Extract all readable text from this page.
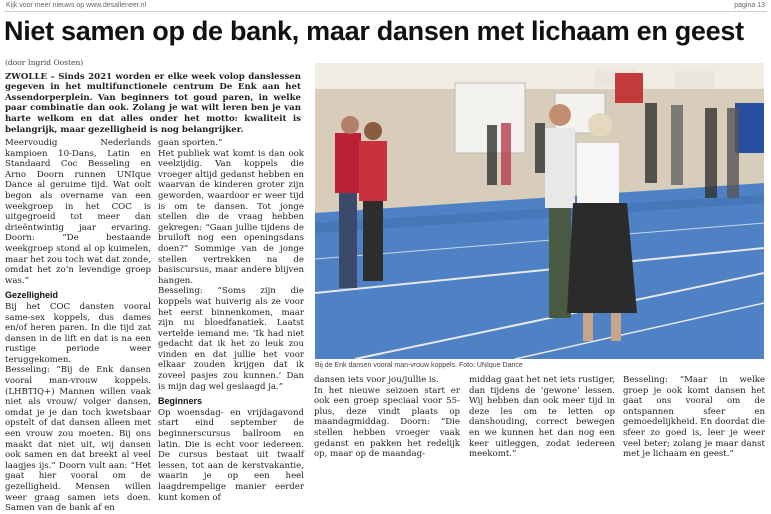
Kijk voor meer nieuws op www.desalleneer.nl	pagina 13
Niet samen op de bank, maar dansen met lichaam en geest

(door Ingrid Oosten)

ZWOLLE – Sinds 2021 worden er elke week volop danslessen gegeven in het multifunctionele centrum De Enk aan het Assendorperplein. Van beginners tot goud paren, in welke paar combinatie dan ook. Zolang je wat wilt leren ben je van harte welkom en dat alles onder het motto: kwaliteit is belangrijk, maar gezelligheid is nog belangrijker.

Meervoudig Nederlands kampioen 10-Dans, Latin en Standaard Coc Besseling en Arno Doorn runnen UNIque Dance al geruime tijd. Wat oolt begon als overname van een weekgroep in het COC is uitgegroeid tot meer dan drieëntwintig jaar ervaring. Doorn: “De bestaande weekgroep stond al op kuimelen, maar het zou toch wat dat zonde, omdat het zo’n levendige groep was.”

Gezelligheid

Bij het COC dansten vooral same-sex koppels, dus dames en/of heren paren. In die tijd zat dansen in de lift en dat is na een rustige periode weer teruggekomen.

Besseling: “Bij de Enk dansen vooral man-vrouw koppels. (LHBTIQ+) Mannen willen vaak niet als vrouw/ volger dansen, omdat je je dan toch kwetsbaar opstelt of dat dansen alleen met een vrouw zou moeten. Bij ons maakt dat niet uit, wij dansen ook samen en dat breekt al veel laagjes ijs.” Doorn vult aan: “Het gaat hier vooral om de gezelligheid. Mensen willen weer graag samen iets doen. Samen van de bank af en

gaan sporten.”

Het publiek wat komt is dan ook veelzijdig. Van koppels die vroeger altijd gedanst hebben en waarvan de kinderen groter zijn geworden, waardoor er weer tijd is om te dansen. Tot jonge stellen die de vraag hebben gekregen: “Gaan jullie tijdens de bruiloft nog een openingsdans doen?” Sommige van de jonge stellen vertrekken na de basiscursus, maar andere blijven hangen.

Besseling: “Soms zijn die koppels wat huiverig als ze voor het eerst binnenkomen, maar zijn nu bloedfanatiek. Laatst vertelde iemand me: ‘Ik had niet gedacht dat ik het zo leuk zou vinden en dat jullie het voor elkaar zouden krijgen dat ik zoveel pasjes zou kunnen.’ Dan is mijn dag wel geslaagd ja.”

Beginners

Op woensdag- en vrijdagavond start eind september de beginnerscursus ballroom en latin. Die is echt voor iedereen. De cursus bestaat uit twaalf lessen, tot aan de kerstvakantie, waarin je op een heel laagdrempelige manier eerder kunt komen of

Bij de Enk dansen vooral man-vrouw koppels. Foto: UNIque Dance

dansen iets voor jou/jullie is.

In het nieuwe seizoen start er ook een groep speciaal voor 55-plus, deze vindt plaats op maandagmiddag. Doorn: “Die stellen hebben vroeger vaak gedanst en pakken het redelijk op, maar op de maandag-

middag gaat het net iets rustiger, dan tijdens de ‘gewone’ lessen. Wij hebben dan ook meer tijd in deze les om te letten op danshouding, correct bewegen en we kunnen het dan nog een keer uitleggen, zodat iedereen meekomt.”

Besseling: “Maar in welke groep je ook komt dansen het gaat ons vooral om de ontspannen sfeer en gemoedelijkheid. En doordat die sfeer zo goed is, leer je weer veel beter; zolang je maar danst met je lichaam en geest.”
